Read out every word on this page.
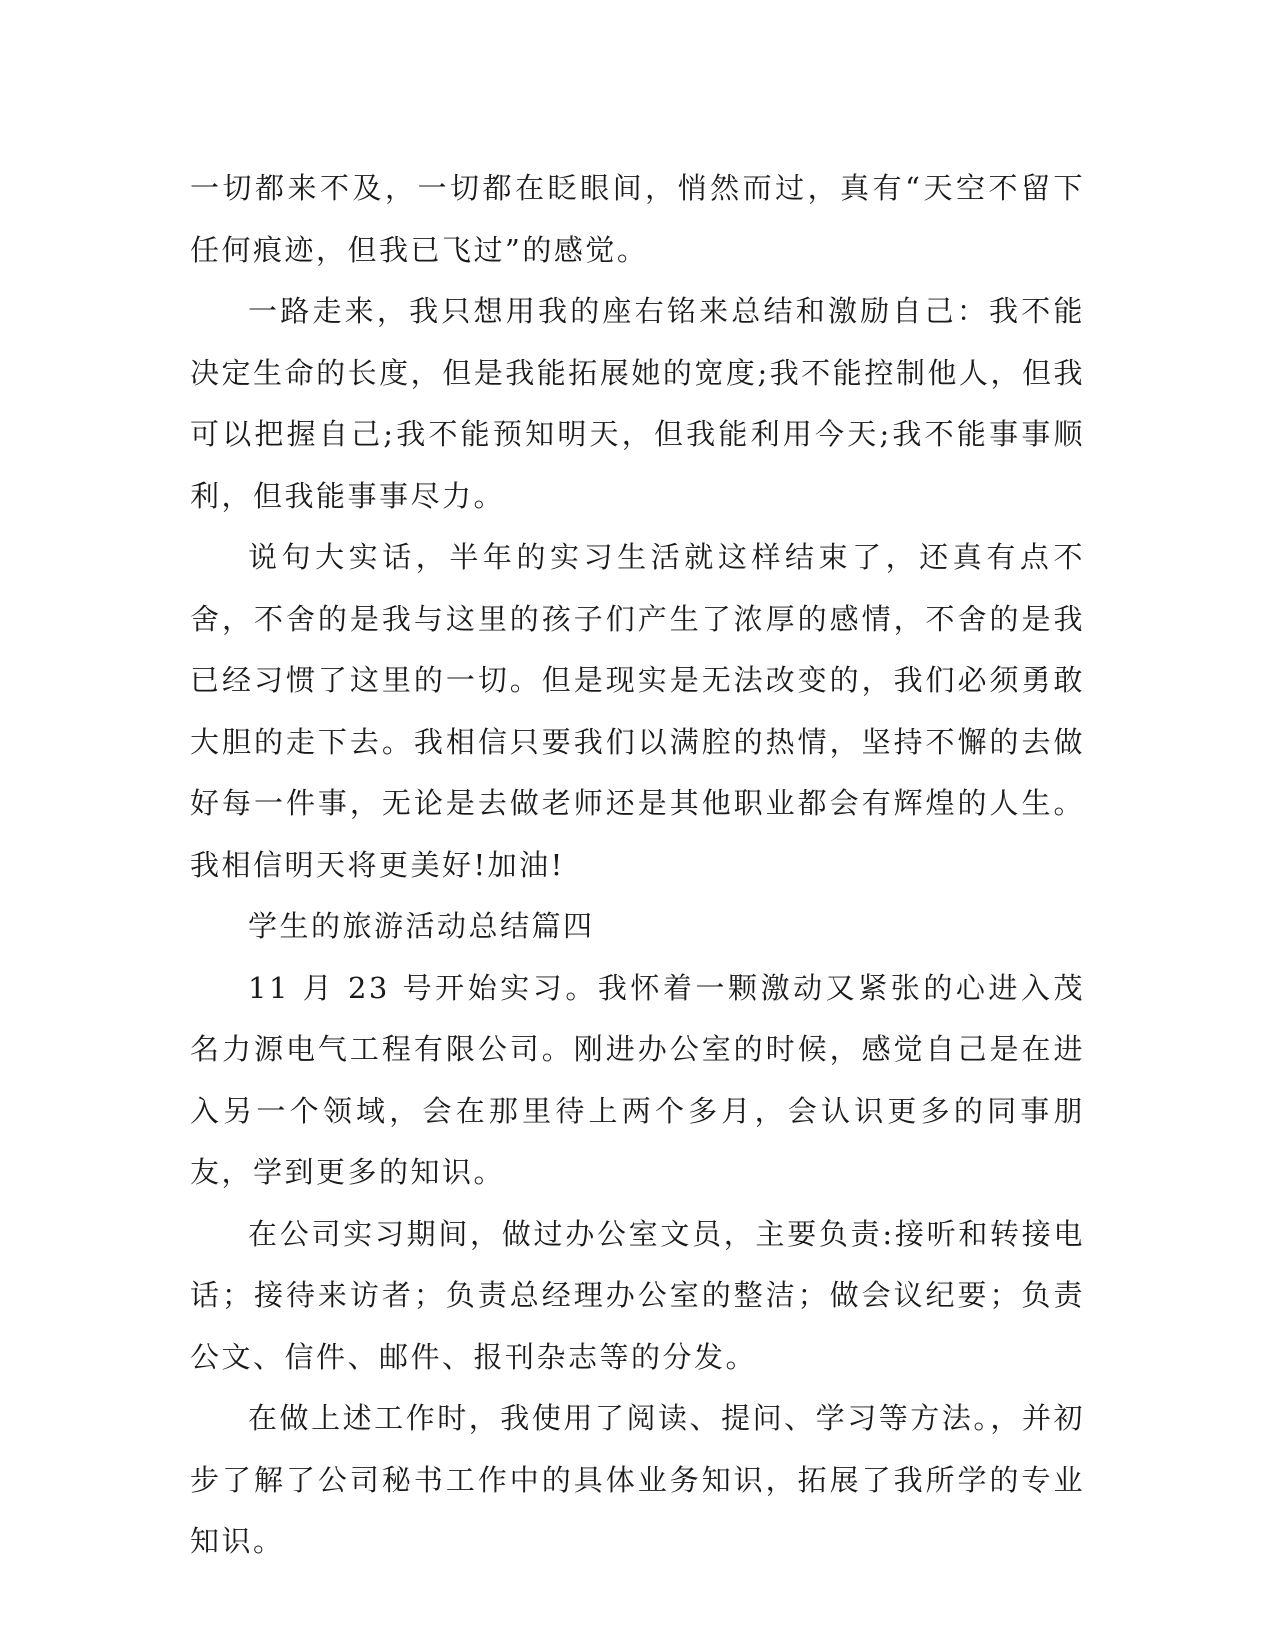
一切都来不及，一切都在眨眼间，悄然而过，真有“天空不留下任何痕迹，但我已飞过”的感觉。

一路走来，我只想用我的座右铭来总结和激励自己：我不能决定生命的长度，但是我能拓展她的宽度;我不能控制他人，但我可以把握自己;我不能预知明天，但我能利用今天;我不能事事顺利，但我能事事尽力。

说句大实话，半年的实习生活就这样结束了，还真有点不舍，不舍的是我与这里的孩子们产生了浓厚的感情，不舍的是我已经习惯了这里的一切。但是现实是无法改变的，我们必须勇敢大胆的走下去。我相信只要我们以满腔的热情，坚持不懈的去做好每一件事，无论是去做老师还是其他职业都会有辉煌的人生。我相信明天将更美好!加油!

学生的旅游活动总结篇四

11 月 23 号开始实习。我怀着一颗激动又紧张的心进入茂名力源电气工程有限公司。刚进办公室的时候，感觉自己是在进入另一个领域，会在那里待上两个多月，会认识更多的同事朋友，学到更多的知识。

在公司实习期间，做过办公室文员，主要负责:接听和转接电话；接待来访者；负责总经理办公室的整洁；做会议纪要；负责公文、信件、邮件、报刊杂志等的分发。

在做上述工作时，我使用了阅读、提问、学习等方法。，并初步了解了公司秘书工作中的具体业务知识，拓展了我所学的专业知识。
